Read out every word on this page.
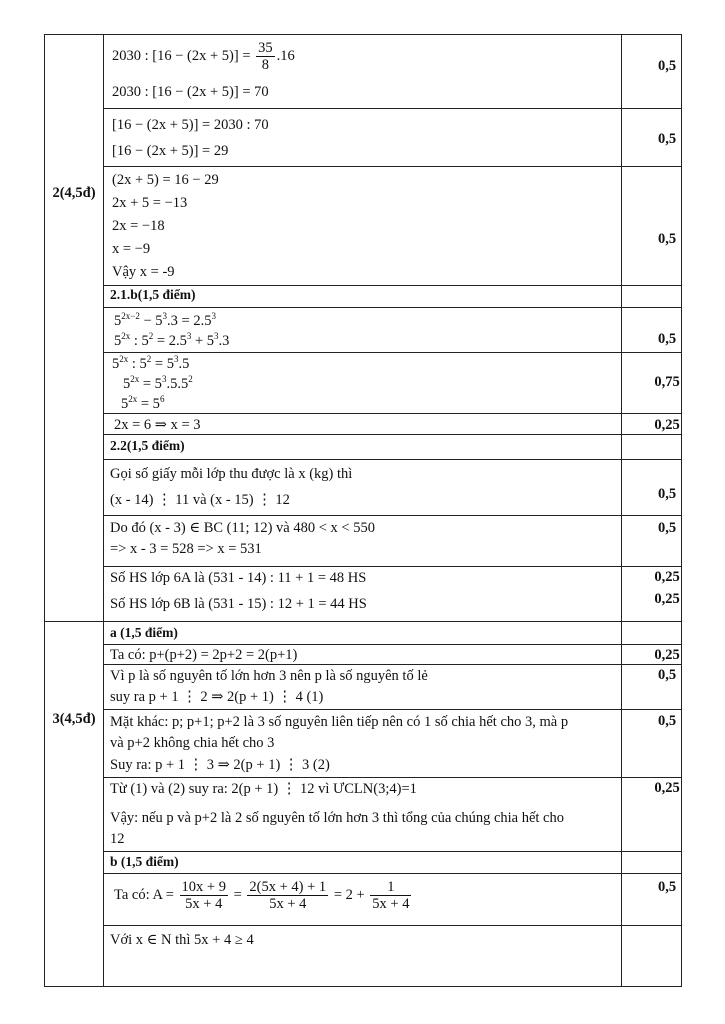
2(4,5đ)
3(4,5đ)
2030 : $[16 - (2x + 5)] = \frac{35}{8} .16$
2030 : [16 − (2x + 5)] = 70
[16 − (2x + 5)] = 2030 : 70
[16 − (2x + 5)] = 29
(2x + 5) = 16 − 29
2x + 5 = −13
2x = −18
x = −9
Vậy x = -9
2.1.b(1,5 điểm)
$5^{2x-2} - 5^3.3 = 2.5^3$
$5^{2x}$ : $5^2 = 2.5^3 + 5^3.3$
$5^{2x}$ : $5^2 = 5^3.5$
$5^{2x} = 5^3.5.5^2$
$5^{2x} = 5^6$
2x = 6 ⇒ x = 3
2.2(1,5 điểm)
Gọi số giấy mỗi lớp thu được là x (kg) thì
(x - 14) ⋮ 11 và (x - 15) ⋮ 12
Do đó (x - 3) ∈ BC (11; 12) và 480 < x < 550
=> x - 3 = 528 => x = 531
Số HS lớp 6A là (531 - 14) : 11 + 1 = 48 HS
Số HS lớp 6B là (531 - 15) : 12 + 1 = 44 HS
a (1,5 điểm)
Ta có: p+(p+2) = 2p+2 = 2(p+1)
Vì p là số nguyên tố lớn hơn 3 nên p là số nguyên tố lẻ
suy ra p + 1 ⋮ 2 ⇒ 2(p + 1) ⋮ 4 (1)
Mặt khác: p; p+1; p+2 là 3 số nguyên liên tiếp nên có 1 số chia hết cho 3, mà p
và p+2 không chia hết cho 3
Suy ra: p + 1 ⋮ 3 ⇒ 2(p + 1) ⋮ 3 (2)
Từ (1) và (2) suy ra: 2(p + 1) ⋮ 12 vì ƯCLN(3;4)=1
Vậy: nếu p và p+2 là 2 số nguyên tố lớn hơn 3 thì tổng của chúng chia hết cho
12
b (1,5 điểm)
Ta có: $A = \frac{10x + 9}{5x + 4} = \frac{2(5x + 4) + 1}{5x + 4} = 2 + \frac{1}{5x + 4}$
Với x ∈ N thì 5x + 4 ≥ 4
0,5
0,5
0,5
0,5
0,75
0,25
0,5
0,5
0,25
0,25
0,25
0,5
0,5
0,25
0,5
